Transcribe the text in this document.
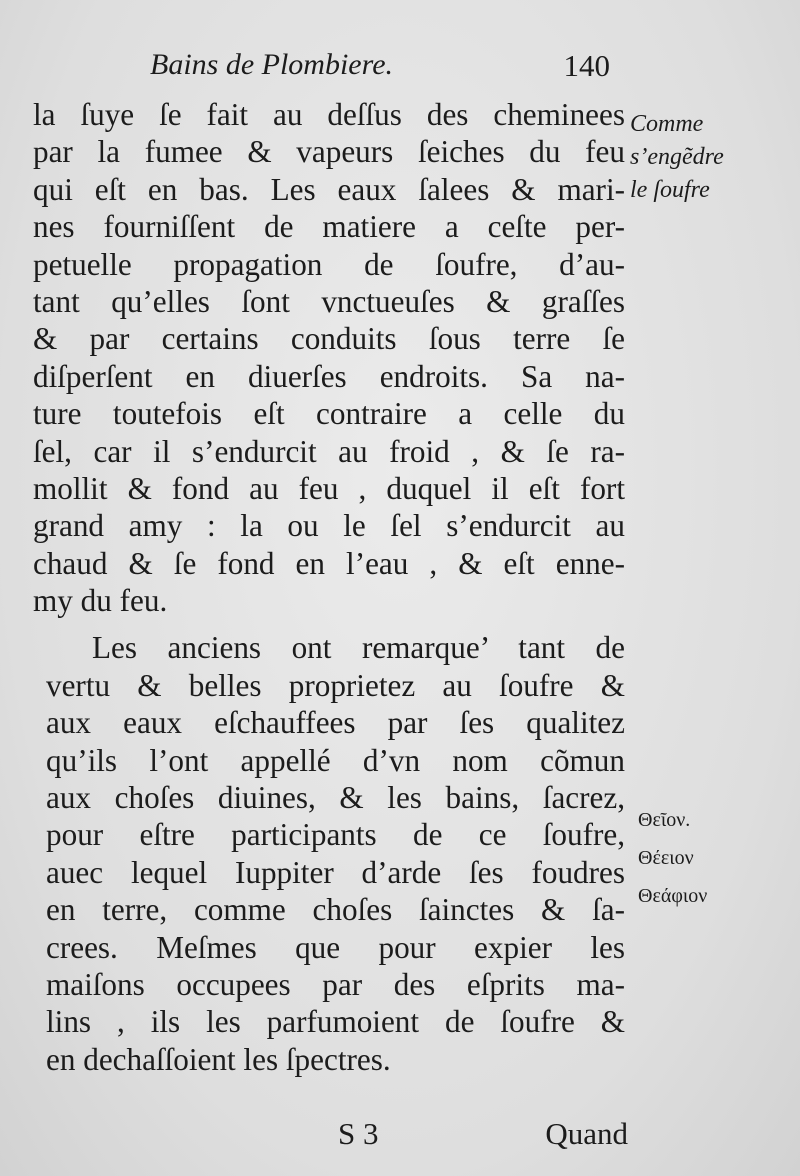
Bains de Plombiere.	140
la ſuye ſe fait au deſſus des cheminees
par la fumee & vapeurs ſeiches du feu
qui eſt en bas. Les eaux ſalees & mari-
nes fourniſſent de matiere a ceſte per-
petuelle propagation de ſoufre, d’au-
tant qu’elles ſont vnctueuſes & graſſes
& par certains conduits ſous terre ſe
diſperſent en diuerſes endroits. Sa na-
ture toutefois eſt contraire a celle du
ſel, car il s’endurcit au froid , & ſe ra-
mollit & fond au feu , duquel il eſt fort
grand amy : la ou le ſel s’endurcit au
chaud & ſe fond en l’eau , & eſt enne-
my du feu.
Les anciens ont remarque’ tant de
vertu & belles proprietez au ſoufre &
aux eaux eſchauffees par ſes qualitez
qu’ils l’ont appellé d’vn nom cõmun
aux choſes diuines, & les bains, ſacrez,
pour eſtre participants de ce ſoufre,
auec lequel Iuppiter d’arde ſes foudres
en terre, comme choſes ſainctes & ſa-
crees. Meſmes que pour expier les
maiſons occupees par des eſprits ma-
lins , ils les parfumoient de ſoufre &
en dechaſſoient les ſpectres.
Comme
s’engẽdre
le ſoufre
Θεῖον.
Θέειον
Θεάφιον
S 3	Quand
